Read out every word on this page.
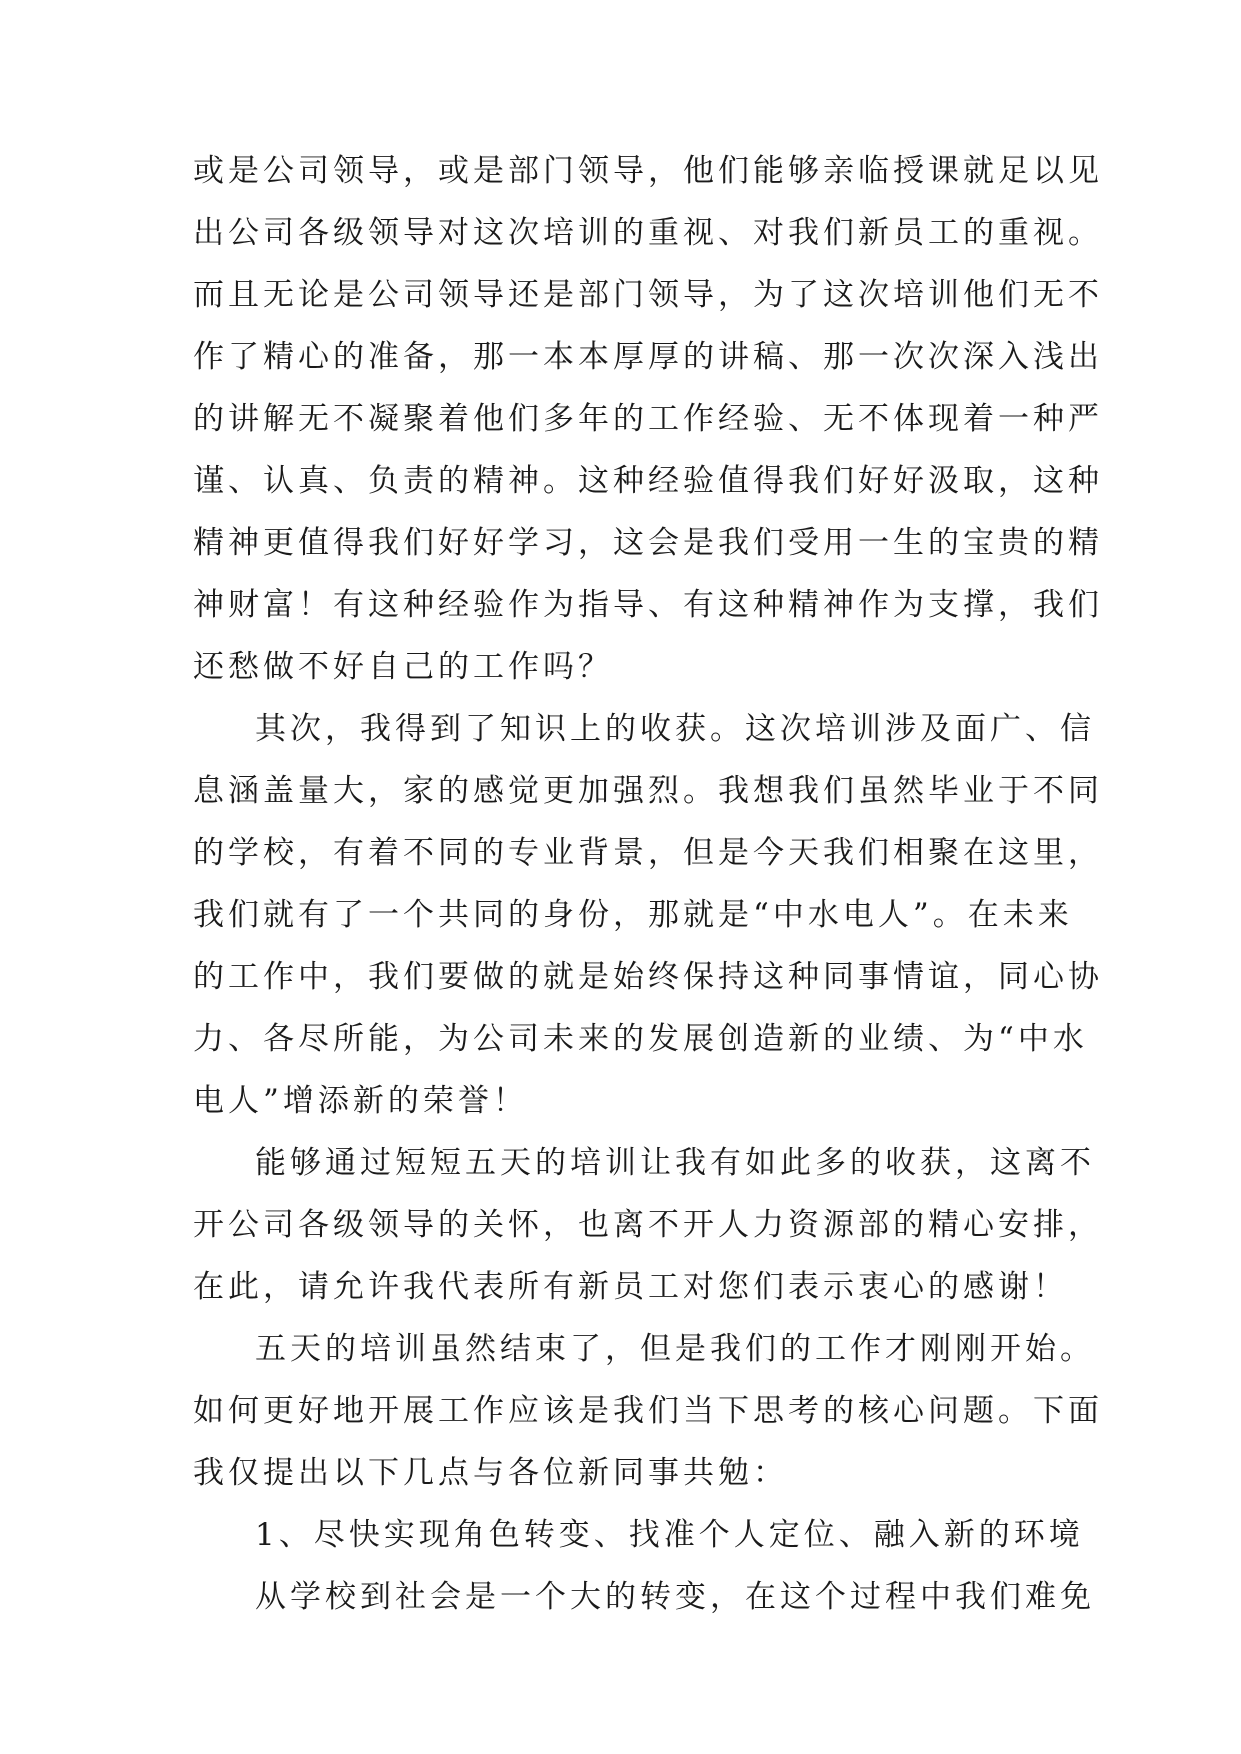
或是公司领导，或是部门领导，他们能够亲临授课就足以见
出公司各级领导对这次培训的重视、对我们新员工的重视。
而且无论是公司领导还是部门领导，为了这次培训他们无不
作了精心的准备，那一本本厚厚的讲稿、那一次次深入浅出
的讲解无不凝聚着他们多年的工作经验、无不体现着一种严
谨、认真、负责的精神。这种经验值得我们好好汲取，这种
精神更值得我们好好学习，这会是我们受用一生的宝贵的精
神财富！有这种经验作为指导、有这种精神作为支撑，我们
还愁做不好自己的工作吗？
其次，我得到了知识上的收获。这次培训涉及面广、信
息涵盖量大，家的感觉更加强烈。我想我们虽然毕业于不同
的学校，有着不同的专业背景，但是今天我们相聚在这里，
我们就有了一个共同的身份，那就是“中水电人”。在未来
的工作中，我们要做的就是始终保持这种同事情谊，同心协
力、各尽所能，为公司未来的发展创造新的业绩、为“中水
电人”增添新的荣誉！
能够通过短短五天的培训让我有如此多的收获，这离不
开公司各级领导的关怀，也离不开人力资源部的精心安排，
在此，请允许我代表所有新员工对您们表示衷心的感谢！
五天的培训虽然结束了，但是我们的工作才刚刚开始。
如何更好地开展工作应该是我们当下思考的核心问题。下面
我仅提出以下几点与各位新同事共勉：
1、尽快实现角色转变、找准个人定位、融入新的环境
从学校到社会是一个大的转变，在这个过程中我们难免
